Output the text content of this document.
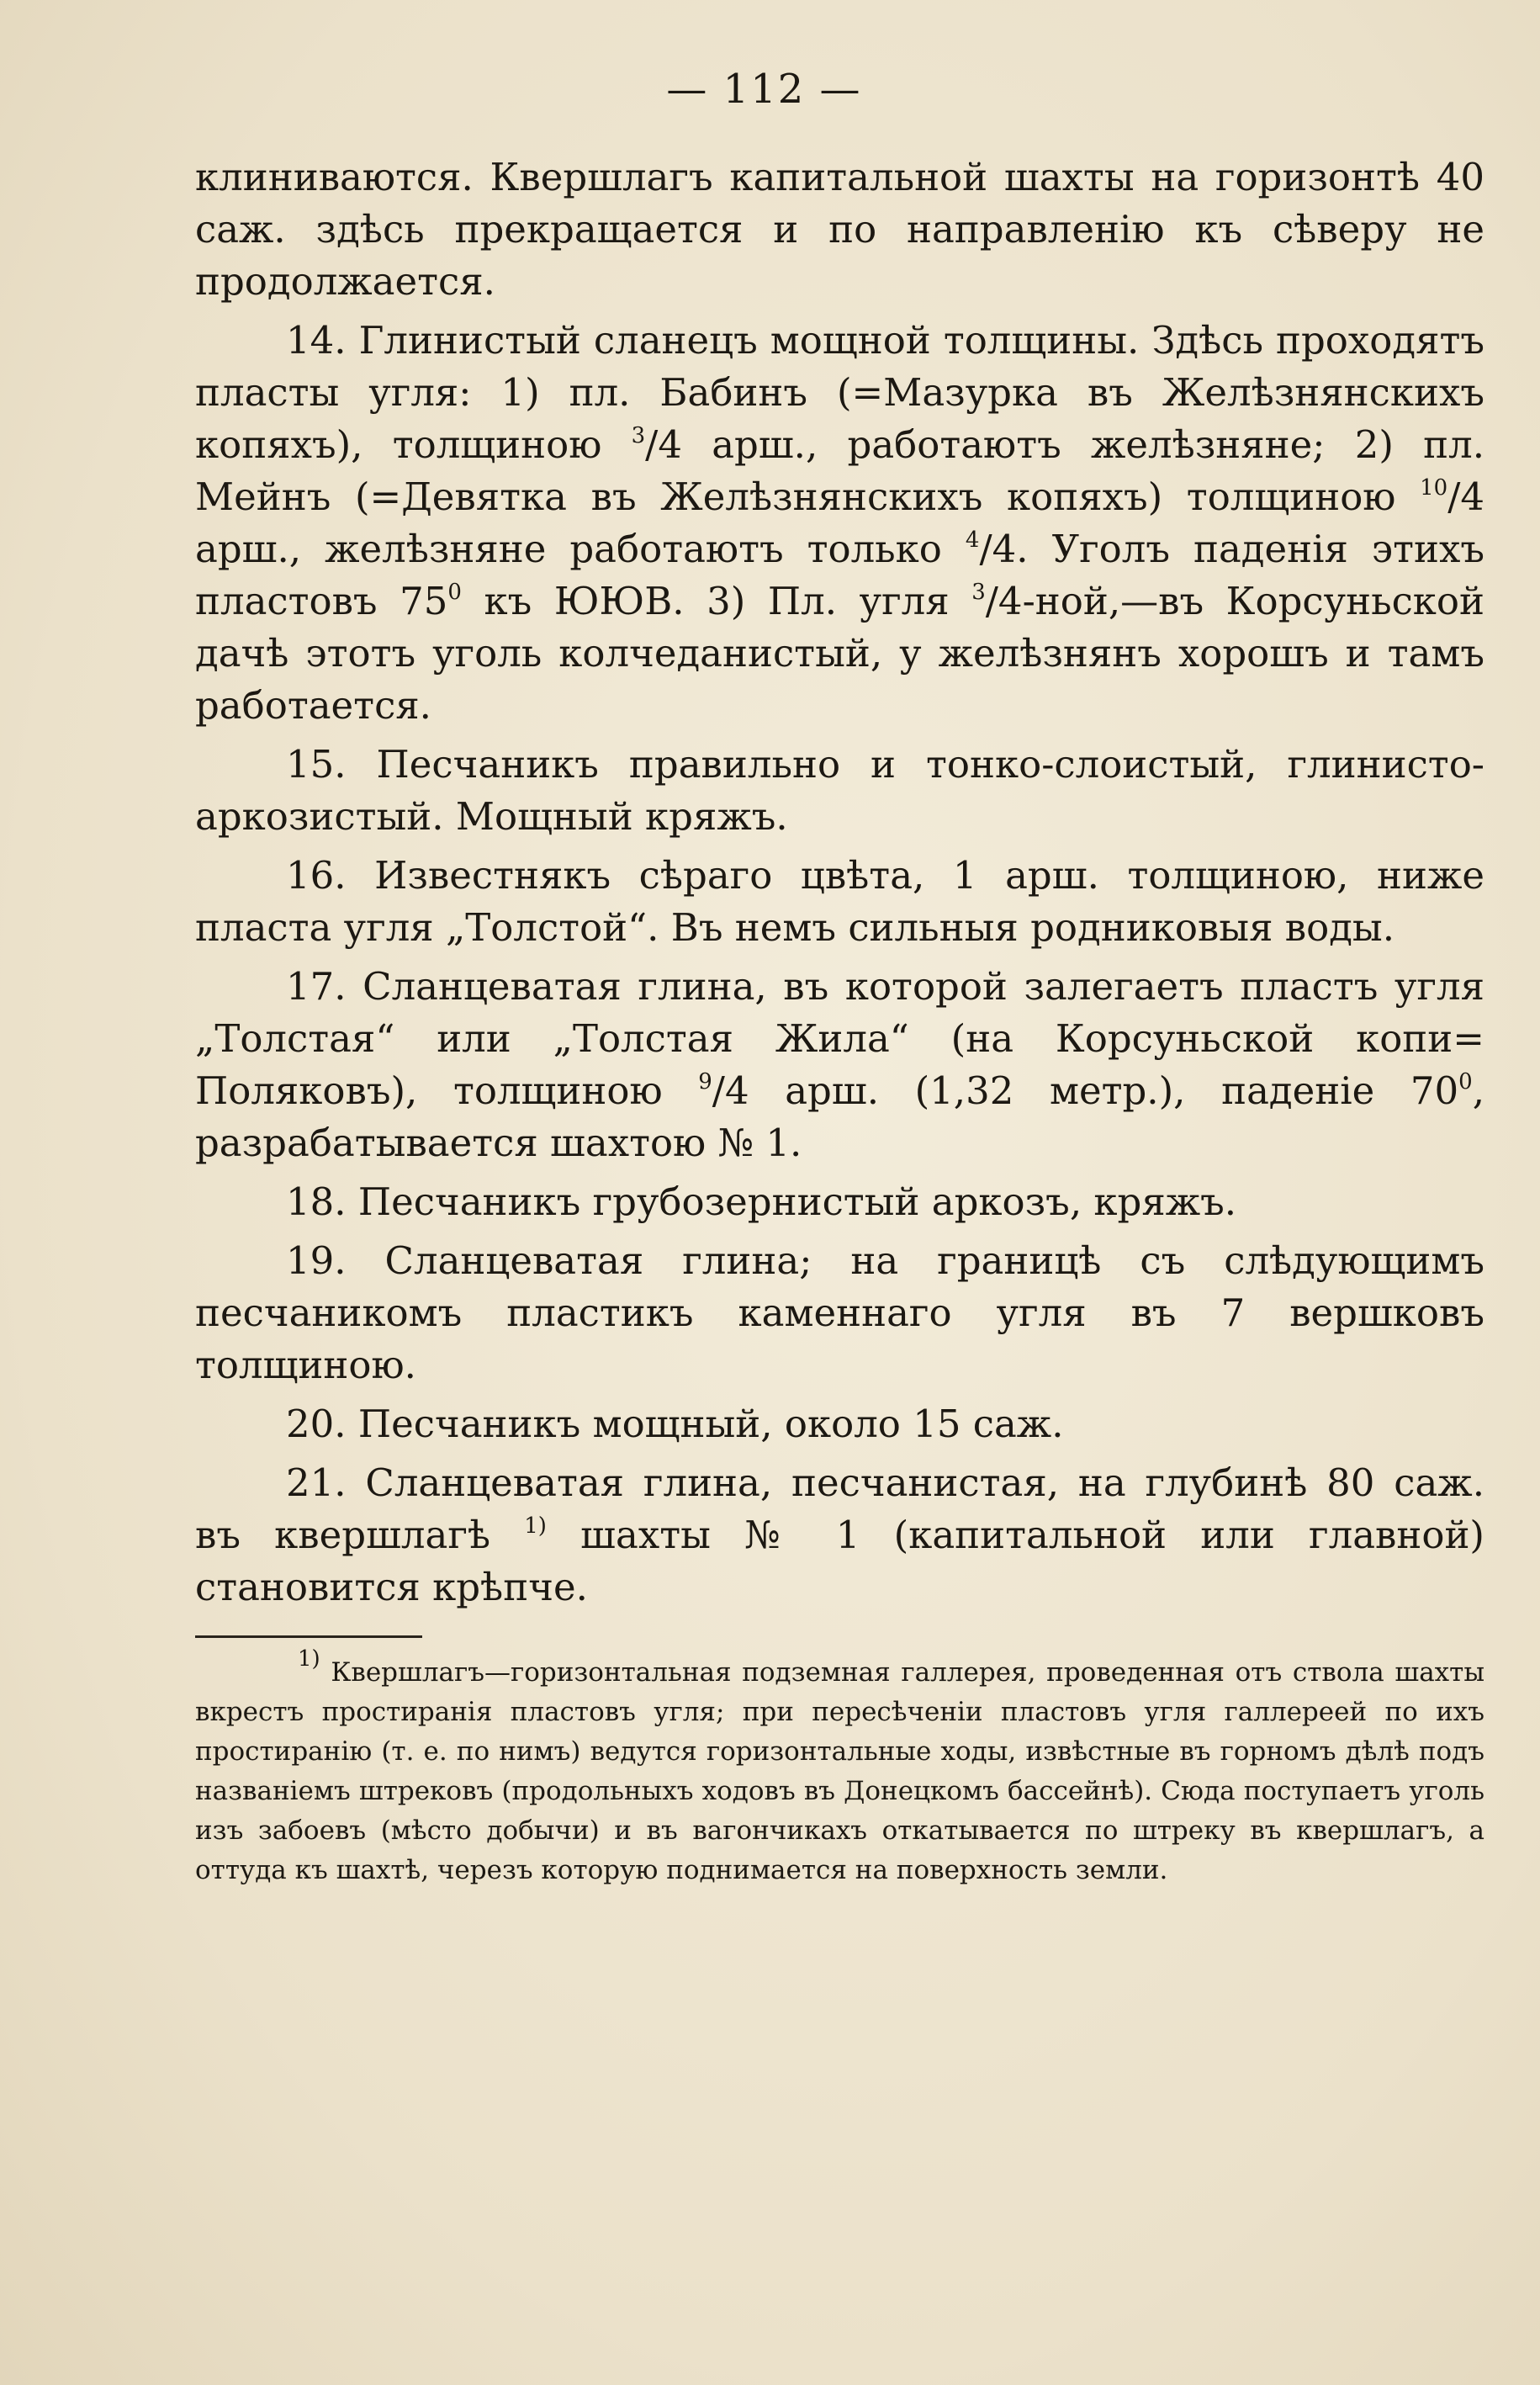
— 112 —

клиниваются. Квершлагъ капитальной шахты на горизонтѣ 40 саж. здѣсь прекращается и по направленію къ сѣверу не продолжается.

14. Глинистый сланецъ мощной толщины. Здѣсь проходятъ пласты угля: 1) пл. Бабинъ (=Мазурка въ Желѣзнянскихъ копяхъ), толщиною $^3$/4 арш., работаютъ желѣзняне; 2) пл. Мейнъ (=Девятка въ Желѣзнянскихъ копяхъ) толщиною $^{10}$/4 арш., желѣзняне работаютъ только $^4$/4. Уголъ паденія этихъ пластовъ $75^0$ къ ЮЮВ. 3) Пл. угля $^3$/4-ной,—въ Корсуньской дачѣ этотъ уголь колчеданистый, у желѣзнянъ хорошъ и тамъ работается.

15. Песчаникъ правильно и тонко-слоистый, глинисто-аркозистый. Мощный кряжъ.

16. Известнякъ сѣраго цвѣта, 1 арш. толщиною, ниже пласта угля „Толстой“. Въ немъ сильныя родниковыя воды.

17. Сланцеватая глина, въ которой залегаетъ пластъ угля „Толстая“ или „Толстая Жила“ (на Корсуньской копи= Поляковъ), толщиною $^9$/4 арш. (1,32 метр.), паденіе $70^0$, разрабатывается шахтою № 1.

18. Песчаникъ грубозернистый аркозъ, кряжъ.

19. Сланцеватая глина; на границѣ съ слѣдующимъ песчаникомъ пластикъ каменнаго угля въ 7 вершковъ толщиною.

20. Песчаникъ мощный, около 15 саж.

21. Сланцеватая глина, песчанистая, на глубинѣ 80 саж. въ квершлагѣ $^{1)}$ шахты № 1 (капитальной или главной) становится крѣпче.

$^{1)}$ Квершлагъ—горизонтальная подземная галлерея, проведенная отъ ствола шахты вкрестъ простиранія пластовъ угля; при пересѣченіи пластовъ угля галлереей по ихъ простиранію (т. е. по нимъ) ведутся горизонтальные ходы, извѣстные въ горномъ дѣлѣ подъ названіемъ штрековъ (продольныхъ ходовъ въ Донецкомъ бассейнѣ). Сюда поступаетъ уголь изъ забоевъ (мѣсто добычи) и въ вагончикахъ откатывается по штреку въ квершлагъ, а оттуда къ шахтѣ, черезъ которую поднимается на поверхность земли.
